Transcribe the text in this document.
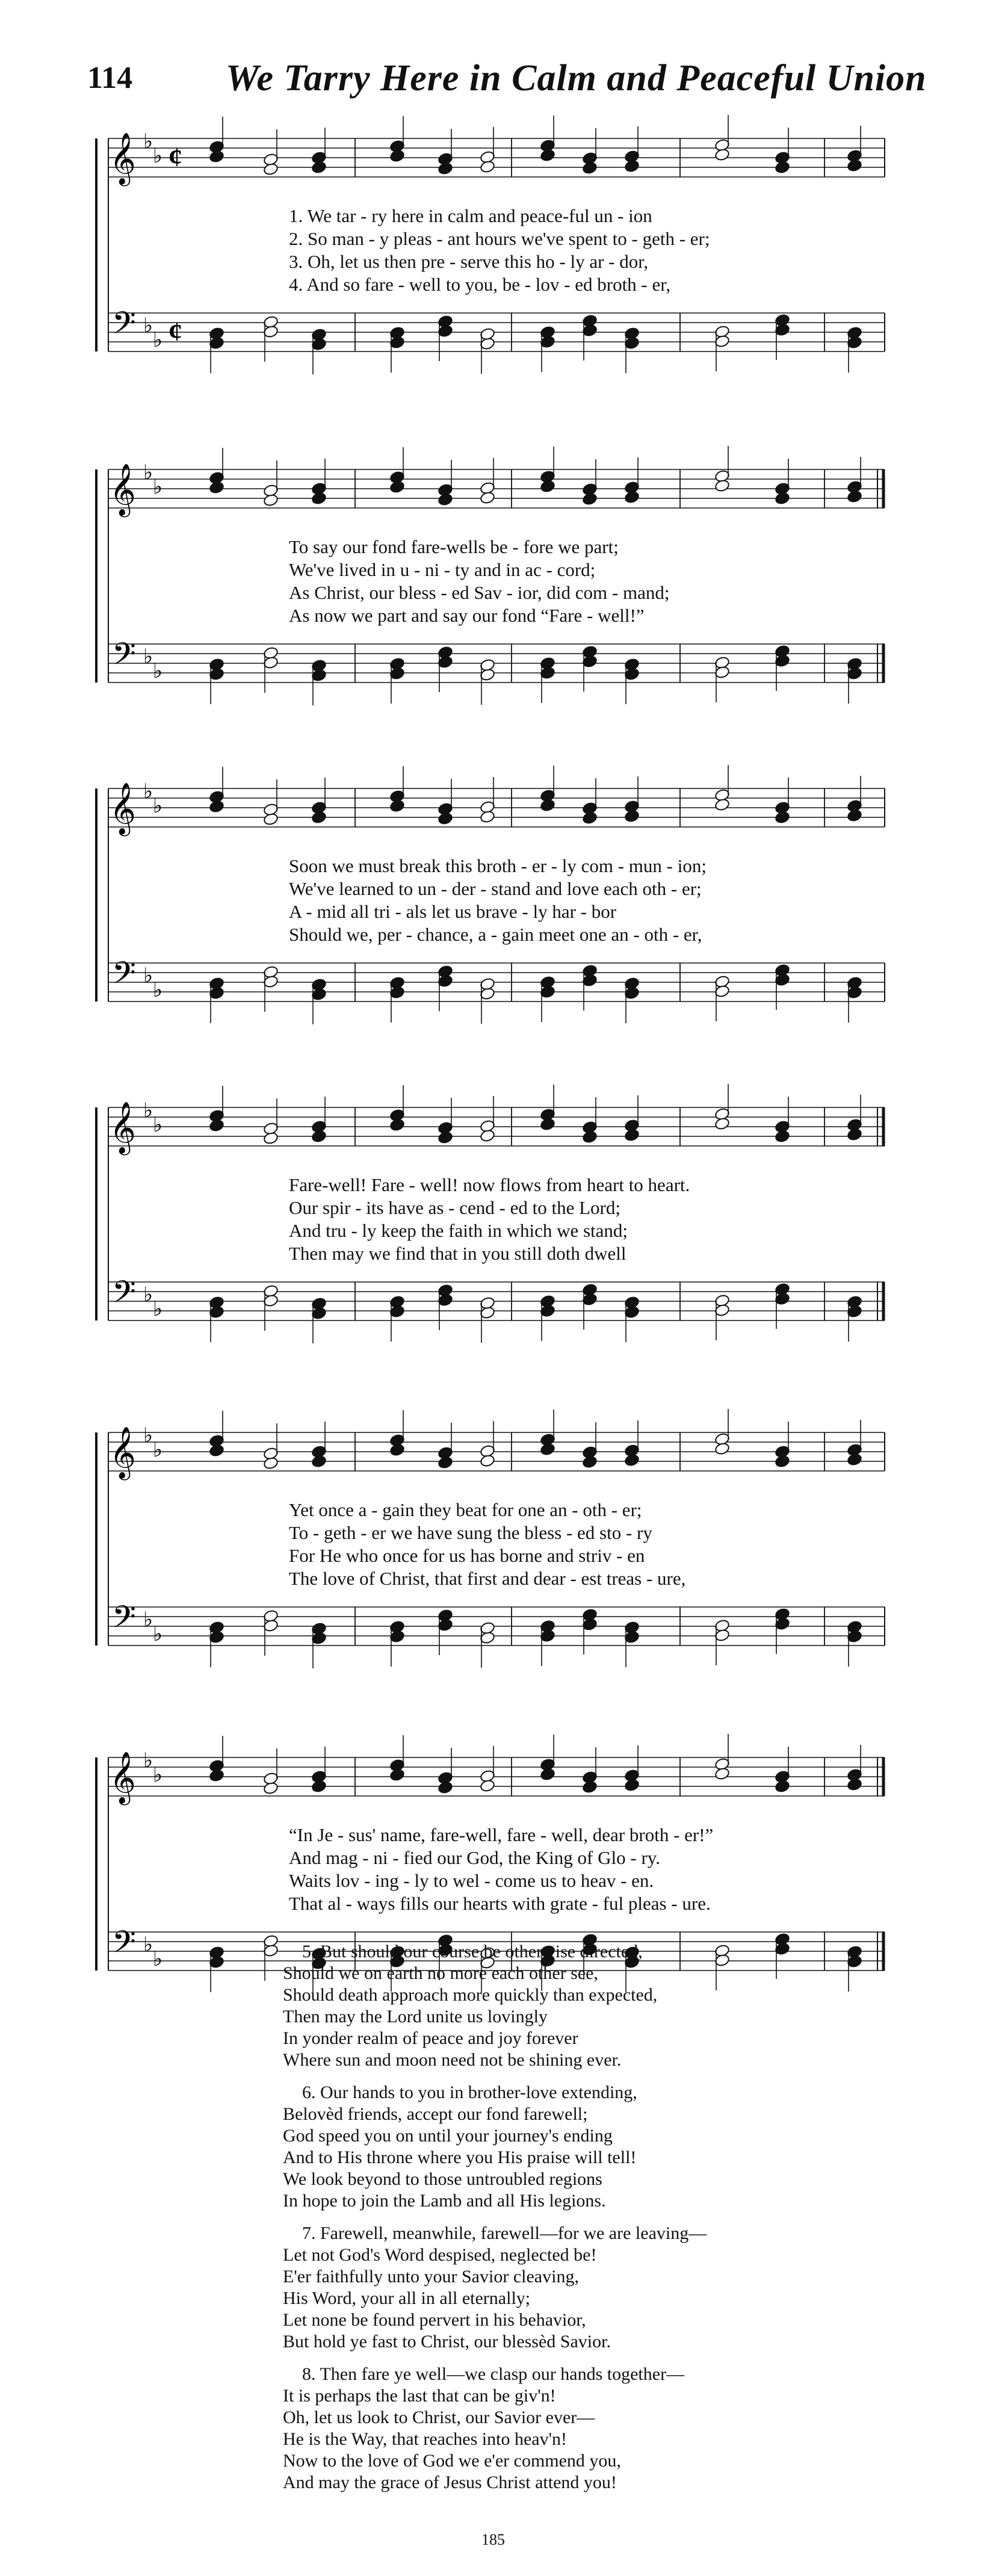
114 We Tarry Here in Calm and Peaceful Union
𝄞 ♭
♭ ¢
𝄢 ♭
♭ ¢
1. We tar - ry here in calm and peace-ful un - ion
2. So man - y pleas - ant hours we've spent to - geth - er;
3. Oh, let us then pre - serve this ho - ly ar - dor,
4. And so fare - well to you, be - lov - ed broth - er,
𝄞 ♭
♭
𝄢 ♭
♭
To say our fond fare-wells be - fore we part;
We've lived in u - ni - ty and in ac - cord;
As Christ, our bless - ed Sav - ior, did com - mand;
As now we part and say our fond “Fare - well!”
𝄞 ♭
♭
𝄢 ♭
♭
Soon we must break this broth - er - ly com - mun - ion;
We've learned to un - der - stand and love each oth - er;
A - mid all tri - als let us brave - ly har - bor
Should we, per - chance, a - gain meet one an - oth - er,
𝄞 ♭
♭
𝄢 ♭
♭
Fare-well! Fare - well! now flows from heart to heart.
Our spir - its have as - cend - ed to the Lord;
And tru - ly keep the faith in which we stand;
Then may we find that in you still doth dwell
𝄞 ♭
♭
𝄢 ♭
♭
Yet once a - gain they beat for one an - oth - er;
To - geth - er we have sung the bless - ed sto - ry
For He who once for us has borne and striv - en
The love of Christ, that first and dear - est treas - ure,
𝄞 ♭
♭
𝄢 ♭
♭
“In Je - sus' name, fare-well, fare - well, dear broth - er!”
And mag - ni - fied our God, the King of Glo - ry.
Waits lov - ing - ly to wel - come us to heav - en.
That al - ways fills our hearts with grate - ful pleas - ure.
5. But should our course be otherwise directed,
Should we on earth no more each other see,
Should death approach more quickly than expected,
Then may the Lord unite us lovingly
In yonder realm of peace and joy forever
Where sun and moon need not be shining ever.
6. Our hands to you in brother-love extending,
Belovèd friends, accept our fond farewell;
God speed you on until your journey's ending
And to His throne where you His praise will tell!
We look beyond to those untroubled regions
In hope to join the Lamb and all His legions.
7. Farewell, meanwhile, farewell—for we are leaving—
Let not God's Word despised, neglected be!
E'er faithfully unto your Savior cleaving,
His Word, your all in all eternally;
Let none be found pervert in his behavior,
But hold ye fast to Christ, our blessèd Savior.
8. Then fare ye well—we clasp our hands together—
It is perhaps the last that can be giv'n!
Oh, let us look to Christ, our Savior ever—
He is the Way, that reaches into heav'n!
Now to the love of God we e'er commend you,
And may the grace of Jesus Christ attend you!
185
